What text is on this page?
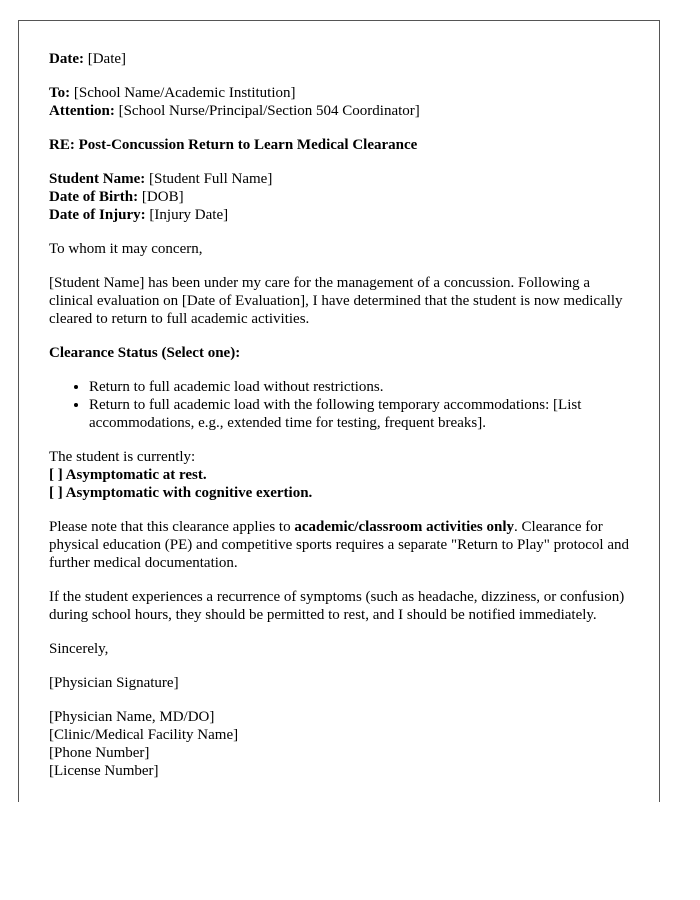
Date: [Date]

To: [School Name/Academic Institution]
Attention: [School Nurse/Principal/Section 504 Coordinator]

RE: Post-Concussion Return to Learn Medical Clearance

Student Name: [Student Full Name]
Date of Birth: [DOB]
Date of Injury: [Injury Date]

To whom it may concern,

[Student Name] has been under my care for the management of a concussion. Following a clinical evaluation on [Date of Evaluation], I have determined that the student is now medically cleared to return to full academic activities.

Clearance Status (Select one):

• Return to full academic load without restrictions.
• Return to full academic load with the following temporary accommodations: [List accommodations, e.g., extended time for testing, frequent breaks].
The student is currently:
[ ] Asymptomatic at rest.
[ ] Asymptomatic with cognitive exertion.

Please note that this clearance applies to academic/classroom activities only. Clearance for physical education (PE) and competitive sports requires a separate "Return to Play" protocol and further medical documentation.

If the student experiences a recurrence of symptoms (such as headache, dizziness, or confusion) during school hours, they should be permitted to rest, and I should be notified immediately.

Sincerely,

[Physician Signature]

[Physician Name, MD/DO]
[Clinic/Medical Facility Name]
[Phone Number]
[License Number]
